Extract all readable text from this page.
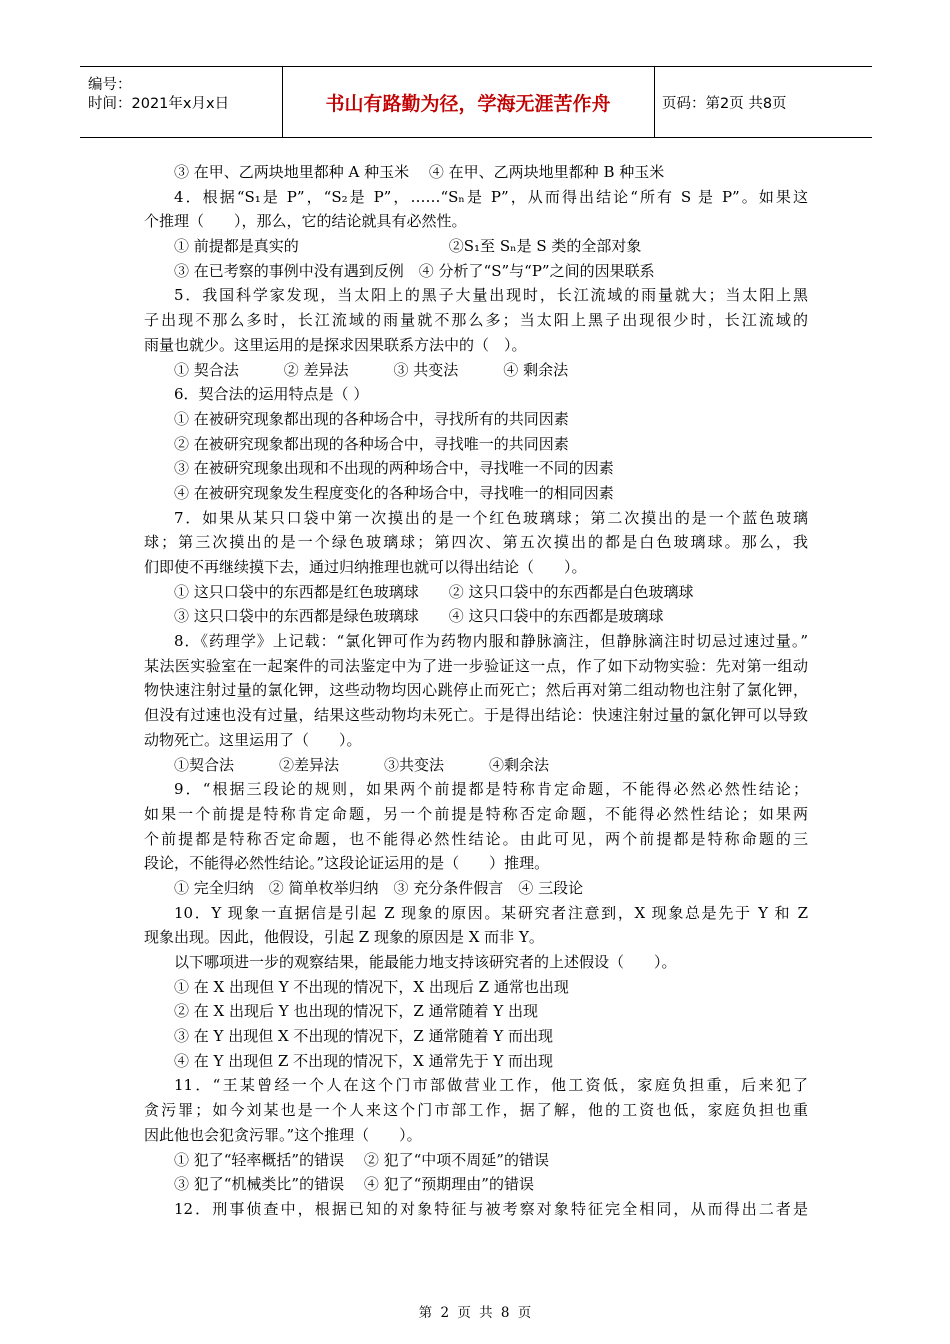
编号：
时间：2021年x月x日	书山有路勤为径，学海无涯苦作舟	页码：第2页 共8页

③ 在甲、乙两块地里都种 A 种玉米　 ④ 在甲、乙两块地里都种 B 种玉米

4．根据“S₁是 P”，“S₂是 P”，……“Sₙ是 P”，从而得出结论“所有 S 是 P”。如果这

个推理（　　），那么，它的结论就具有必然性。

① 前提都是真实的　　　　　　　　　　②S₁至 Sₙ是 S 类的全部对象

③ 在已考察的事例中没有遇到反例　④ 分析了“S”与“P”之间的因果联系

5．我国科学家发现，当太阳上的黑子大量出现时，长江流域的雨量就大；当太阳上黑

子出现不那么多时，长江流域的雨量就不那么多；当太阳上黑子出现很少时，长江流域的

雨量也就少。这里运用的是探求因果联系方法中的（　）。

① 契合法　　　② 差异法　　　③ 共变法　　　④ 剩余法

6．契合法的运用特点是（ ）

① 在被研究现象都出现的各种场合中，寻找所有的共同因素

② 在被研究现象都出现的各种场合中，寻找唯一的共同因素

③ 在被研究现象出现和不出现的两种场合中，寻找唯一不同的因素

④ 在被研究现象发生程度变化的各种场合中，寻找唯一的相同因素

7．如果从某只口袋中第一次摸出的是一个红色玻璃球；第二次摸出的是一个蓝色玻璃

球；第三次摸出的是一个绿色玻璃球；第四次、第五次摸出的都是白色玻璃球。那么，我

们即使不再继续摸下去，通过归纳推理也就可以得出结论（　　）。

① 这只口袋中的东西都是红色玻璃球　　② 这只口袋中的东西都是白色玻璃球

③ 这只口袋中的东西都是绿色玻璃球　　④ 这只口袋中的东西都是玻璃球

8．《药理学》上记载：“氯化钾可作为药物内服和静脉滴注，但静脉滴注时切忌过速过量。”

某法医实验室在一起案件的司法鉴定中为了进一步验证这一点，作了如下动物实验：先对第一组动

物快速注射过量的氯化钾，这些动物均因心跳停止而死亡；然后再对第二组动物也注射了氯化钾，

但没有过速也没有过量，结果这些动物均未死亡。于是得出结论：快速注射过量的氯化钾可以导致

动物死亡。这里运用了（　　）。

①契合法　　　②差异法　　　③共变法　　　④剩余法

9．“根据三段论的规则，如果两个前提都是特称肯定命题，不能得必然必然性结论；

如果一个前提是特称肯定命题，另一个前提是特称否定命题，不能得必然性结论；如果两

个前提都是特称否定命题，也不能得必然性结论。由此可见，两个前提都是特称命题的三

段论，不能得必然性结论。”这段论证运用的是（　　）推理。

① 完全归纳　② 简单枚举归纳　③ 充分条件假言　④ 三段论

10．Y 现象一直据信是引起 Z 现象的原因。某研究者注意到，X 现象总是先于 Y 和 Z

现象出现。因此，他假设，引起 Z 现象的原因是 X 而非 Y。

以下哪项进一步的观察结果，能最能力地支持该研究者的上述假设（　　）。

① 在 X 出现但 Y 不出现的情况下，X 出现后 Z 通常也出现

② 在 X 出现后 Y 也出现的情况下，Z 通常随着 Y 出现

③ 在 Y 出现但 X 不出现的情况下，Z 通常随着 Y 而出现

④ 在 Y 出现但 Z 不出现的情况下，X 通常先于 Y 而出现

11．“王某曾经一个人在这个门市部做营业工作，他工资低，家庭负担重，后来犯了

贪污罪；如今刘某也是一个人来这个门市部工作，据了解，他的工资也低，家庭负担也重

因此他也会犯贪污罪。”这个推理（　　）。

① 犯了“轻率概括”的错误　 ② 犯了“中项不周延”的错误

③ 犯了“机械类比”的错误　 ④ 犯了“预期理由”的错误

12．刑事侦查中，根据已知的对象特征与被考察对象特征完全相同，从而得出二者是

第 2 页 共 8 页
